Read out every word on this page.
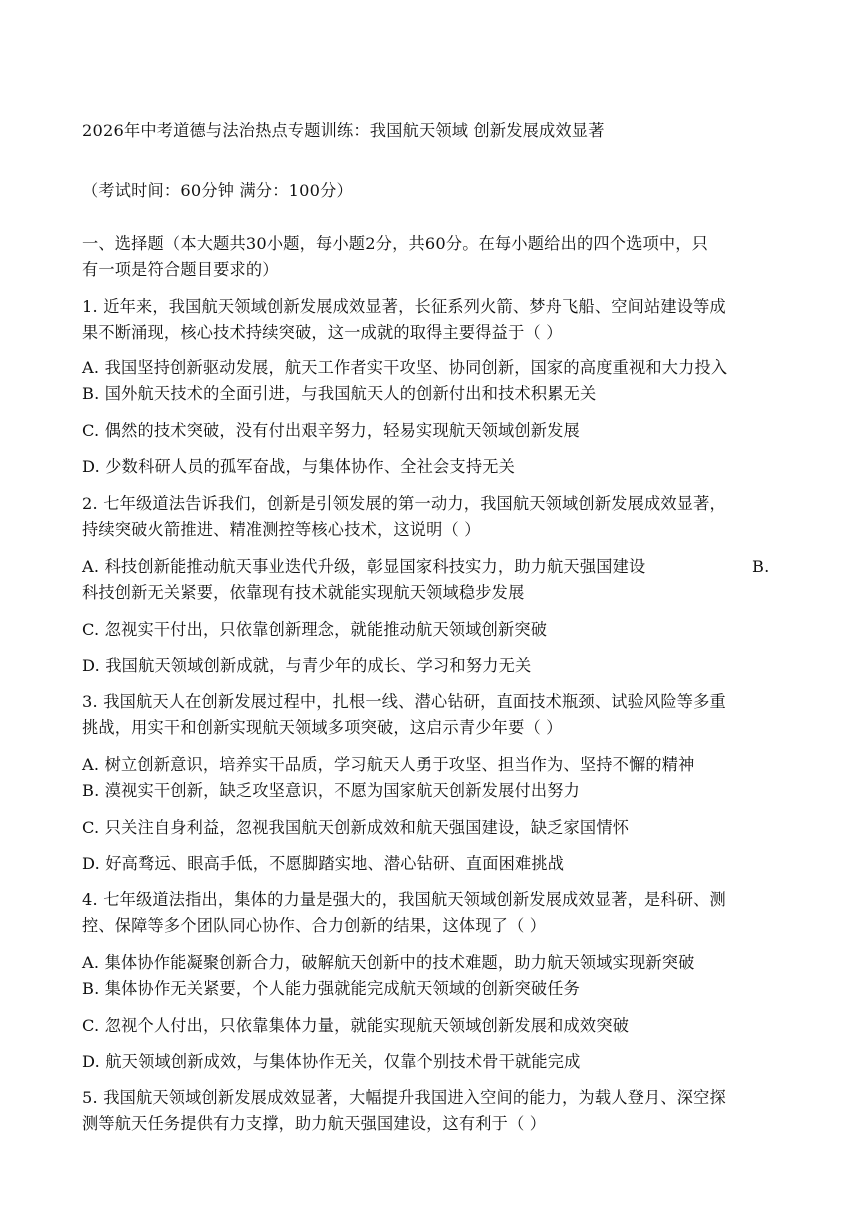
2026年中考道德与法治热点专题训练：我国航天领域 创新发展成效显著
（考试时间：60分钟 满分：100分）
一、选择题（本大题共30小题，每小题2分，共60分。在每小题给出的四个选项中，只
有一项是符合题目要求的）
1. 近年来，我国航天领域创新发展成效显著，长征系列火箭、梦舟飞船、空间站建设等成
果不断涌现，核心技术持续突破，这一成就的取得主要得益于（ ）
A. 我国坚持创新驱动发展，航天工作者实干攻坚、协同创新，国家的高度重视和大力投入
B. 国外航天技术的全面引进，与我国航天人的创新付出和技术积累无关
C. 偶然的技术突破，没有付出艰辛努力，轻易实现航天领域创新发展
D. 少数科研人员的孤军奋战，与集体协作、全社会支持无关
2. 七年级道法告诉我们，创新是引领发展的第一动力，我国航天领域创新发展成效显著，
持续突破火箭推进、精准测控等核心技术，这说明（ ）
A. 科技创新能推动航天事业迭代升级，彰显国家科技实力，助力航天强国建设	B.
科技创新无关紧要，依靠现有技术就能实现航天领域稳步发展
C. 忽视实干付出，只依靠创新理念，就能推动航天领域创新突破
D. 我国航天领域创新成就，与青少年的成长、学习和努力无关
3. 我国航天人在创新发展过程中，扎根一线、潜心钻研，直面技术瓶颈、试验风险等多重
挑战，用实干和创新实现航天领域多项突破，这启示青少年要（ ）
A. 树立创新意识，培养实干品质，学习航天人勇于攻坚、担当作为、坚持不懈的精神
B. 漠视实干创新，缺乏攻坚意识，不愿为国家航天创新发展付出努力
C. 只关注自身利益，忽视我国航天创新成效和航天强国建设，缺乏家国情怀
D. 好高骛远、眼高手低，不愿脚踏实地、潜心钻研、直面困难挑战
4. 七年级道法指出，集体的力量是强大的，我国航天领域创新发展成效显著，是科研、测
控、保障等多个团队同心协作、合力创新的结果，这体现了（ ）
A. 集体协作能凝聚创新合力，破解航天创新中的技术难题，助力航天领域实现新突破
B. 集体协作无关紧要，个人能力强就能完成航天领域的创新突破任务
C. 忽视个人付出，只依靠集体力量，就能实现航天领域创新发展和成效突破
D. 航天领域创新成效，与集体协作无关，仅靠个别技术骨干就能完成
5. 我国航天领域创新发展成效显著，大幅提升我国进入空间的能力，为载人登月、深空探
测等航天任务提供有力支撑，助力航天强国建设，这有利于（ ）
